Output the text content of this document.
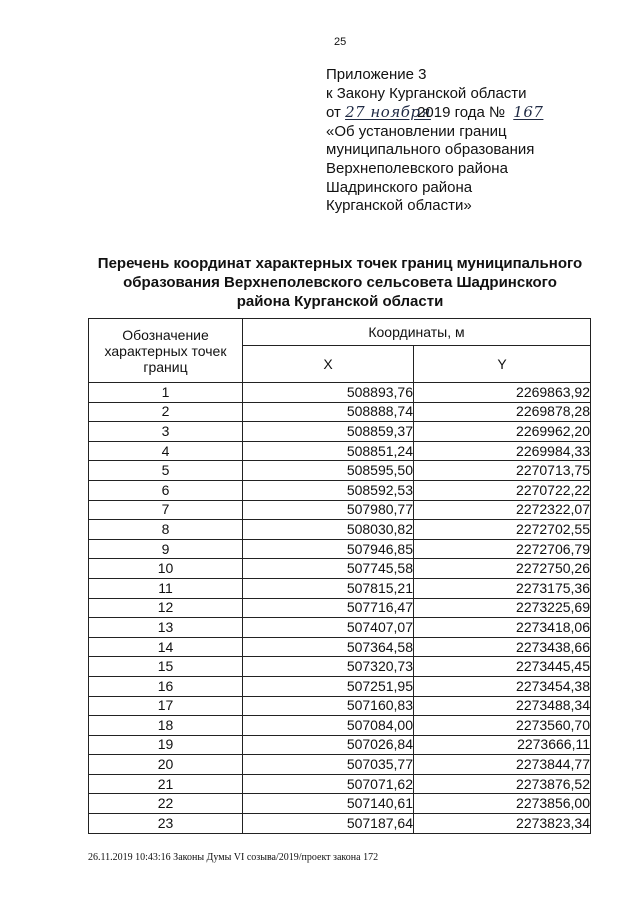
25
Приложение 3
к Закону Курганской области
от 27 ноября2019 года № 167
«Об установлении границ
муниципального образования
Верхнеполевского района
Шадринского района
Курганской области»
Перечень координат характерных точек границ муниципального
образования Верхнеполевского сельсовета Шадринского
района Курганской области
Обозначение характерных точек границ	Координаты, м	
	X	Y
1	508893,76	2269863,92
2	508888,74	2269878,28
3	508859,37	2269962,20
4	508851,24	2269984,33
5	508595,50	2270713,75
6	508592,53	2270722,22
7	507980,77	2272322,07
8	508030,82	2272702,55
9	507946,85	2272706,79
10	507745,58	2272750,26
11	507815,21	2273175,36
12	507716,47	2273225,69
13	507407,07	2273418,06
14	507364,58	2273438,66
15	507320,73	2273445,45
16	507251,95	2273454,38
17	507160,83	2273488,34
18	507084,00	2273560,70
19	507026,84	2273666,11
20	507035,77	2273844,77
21	507071,62	2273876,52
22	507140,61	2273856,00
23	507187,64	2273823,34
26.11.2019 10:43:16 Законы Думы VI созыва/2019/проект закона 172
